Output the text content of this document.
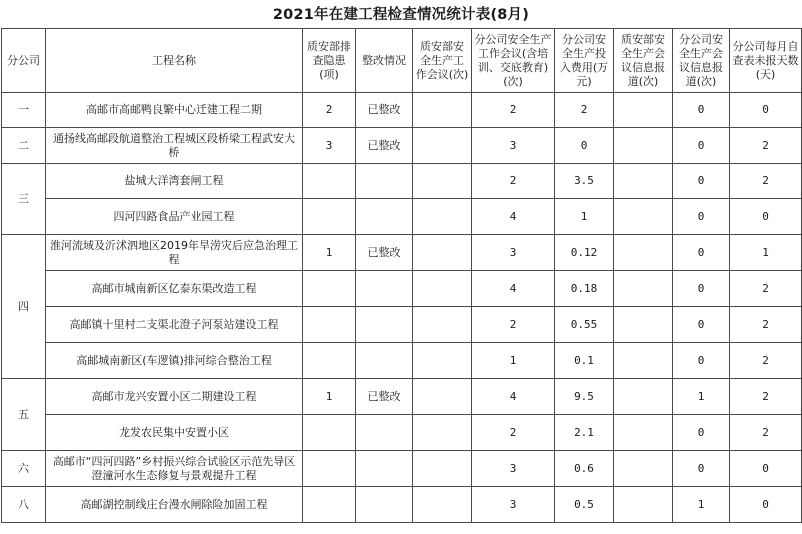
2021年在建工程检查情况统计表(8月)
分公司	工程名称	质安部排查隐患(项)	整改情况	质安部安全生产工作会议(次)	分公司安全生产工作会议(含培训、交底教育)(次)	分公司安全生产投入费用(万元)	质安部安全生产会议信息报道(次)	分公司安全生产会议信息报道(次)	分公司每月自查表未报天数(天)
一	高邮市高邮鸭良繁中心迁建工程二期	2	已整改		2	2		0	0
二	通扬线高邮段航道整治工程城区段桥梁工程武安大桥	3	已整改		3	0		0	2
三	盐城大洋湾套闸工程				2	3.5		0	2
	四河四路食品产业园工程				4	1		0	0
四	淮河流域及沂沭泗地区2019年旱涝灾后应急治理工程	1	已整改		3	0.12		0	1
	高邮市城南新区亿泰东渠改造工程				4	0.18		0	2
	高邮镇十里村二支渠北澄子河泵站建设工程				2	0.55		0	2
	高邮城南新区(车逻镇)排河综合整治工程				1	0.1		0	2
五	高邮市龙兴安置小区二期建设工程	1	已整改		4	9.5		1	2
	龙发农民集中安置小区				2	2.1		0	2
六	高邮市“四河四路”乡村振兴综合试验区示范先导区澄潼河水生态修复与景观提升工程				3	0.6		0	0
八	高邮湖控制线庄台漫水闸除险加固工程				3	0.5		1	0
